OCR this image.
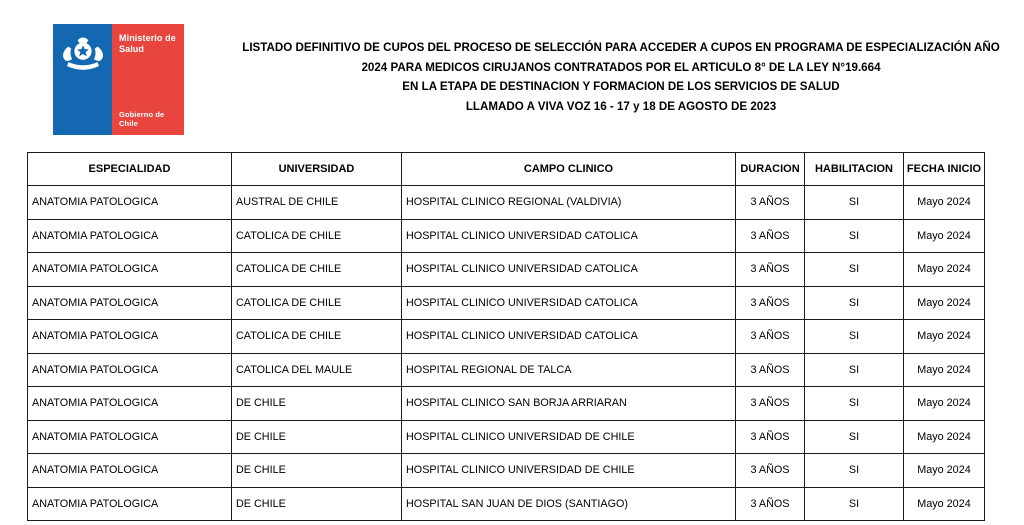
Ministerio de
Salud
Gobierno de Chile
LISTADO DEFINITIVO DE CUPOS DEL PROCESO DE SELECCIÓN PARA ACCEDER A CUPOS EN PROGRAMA DE ESPECIALIZACIÓN AÑO
2024 PARA MEDICOS CIRUJANOS CONTRATADOS POR EL ARTICULO 8° DE LA LEY N°19.664
EN LA ETAPA DE DESTINACION Y FORMACION DE LOS SERVICIOS DE SALUD
LLAMADO A VIVA VOZ 16 - 17 y 18 DE AGOSTO DE 2023
ESPECIALIDAD	UNIVERSIDAD	CAMPO CLINICO	DURACION	HABILITACION	FECHA INICIO
ANATOMIA PATOLOGICA	AUSTRAL DE CHILE	HOSPITAL CLINICO REGIONAL (VALDIVIA)	3 AÑOS	SI	Mayo 2024
ANATOMIA PATOLOGICA	CATOLICA DE CHILE	HOSPITAL CLINICO UNIVERSIDAD CATOLICA	3 AÑOS	SI	Mayo 2024
ANATOMIA PATOLOGICA	CATOLICA DE CHILE	HOSPITAL CLINICO UNIVERSIDAD CATOLICA	3 AÑOS	SI	Mayo 2024
ANATOMIA PATOLOGICA	CATOLICA DE CHILE	HOSPITAL CLINICO UNIVERSIDAD CATOLICA	3 AÑOS	SI	Mayo 2024
ANATOMIA PATOLOGICA	CATOLICA DE CHILE	HOSPITAL CLINICO UNIVERSIDAD CATOLICA	3 AÑOS	SI	Mayo 2024
ANATOMIA PATOLOGICA	CATOLICA DEL MAULE	HOSPITAL REGIONAL DE TALCA	3 AÑOS	SI	Mayo 2024
ANATOMIA PATOLOGICA	DE CHILE	HOSPITAL CLINICO SAN BORJA ARRIARAN	3 AÑOS	SI	Mayo 2024
ANATOMIA PATOLOGICA	DE CHILE	HOSPITAL CLINICO UNIVERSIDAD DE CHILE	3 AÑOS	SI	Mayo 2024
ANATOMIA PATOLOGICA	DE CHILE	HOSPITAL CLINICO UNIVERSIDAD DE CHILE	3 AÑOS	SI	Mayo 2024
ANATOMIA PATOLOGICA	DE CHILE	HOSPITAL SAN JUAN DE DIOS (SANTIAGO)	3 AÑOS	SI	Mayo 2024
